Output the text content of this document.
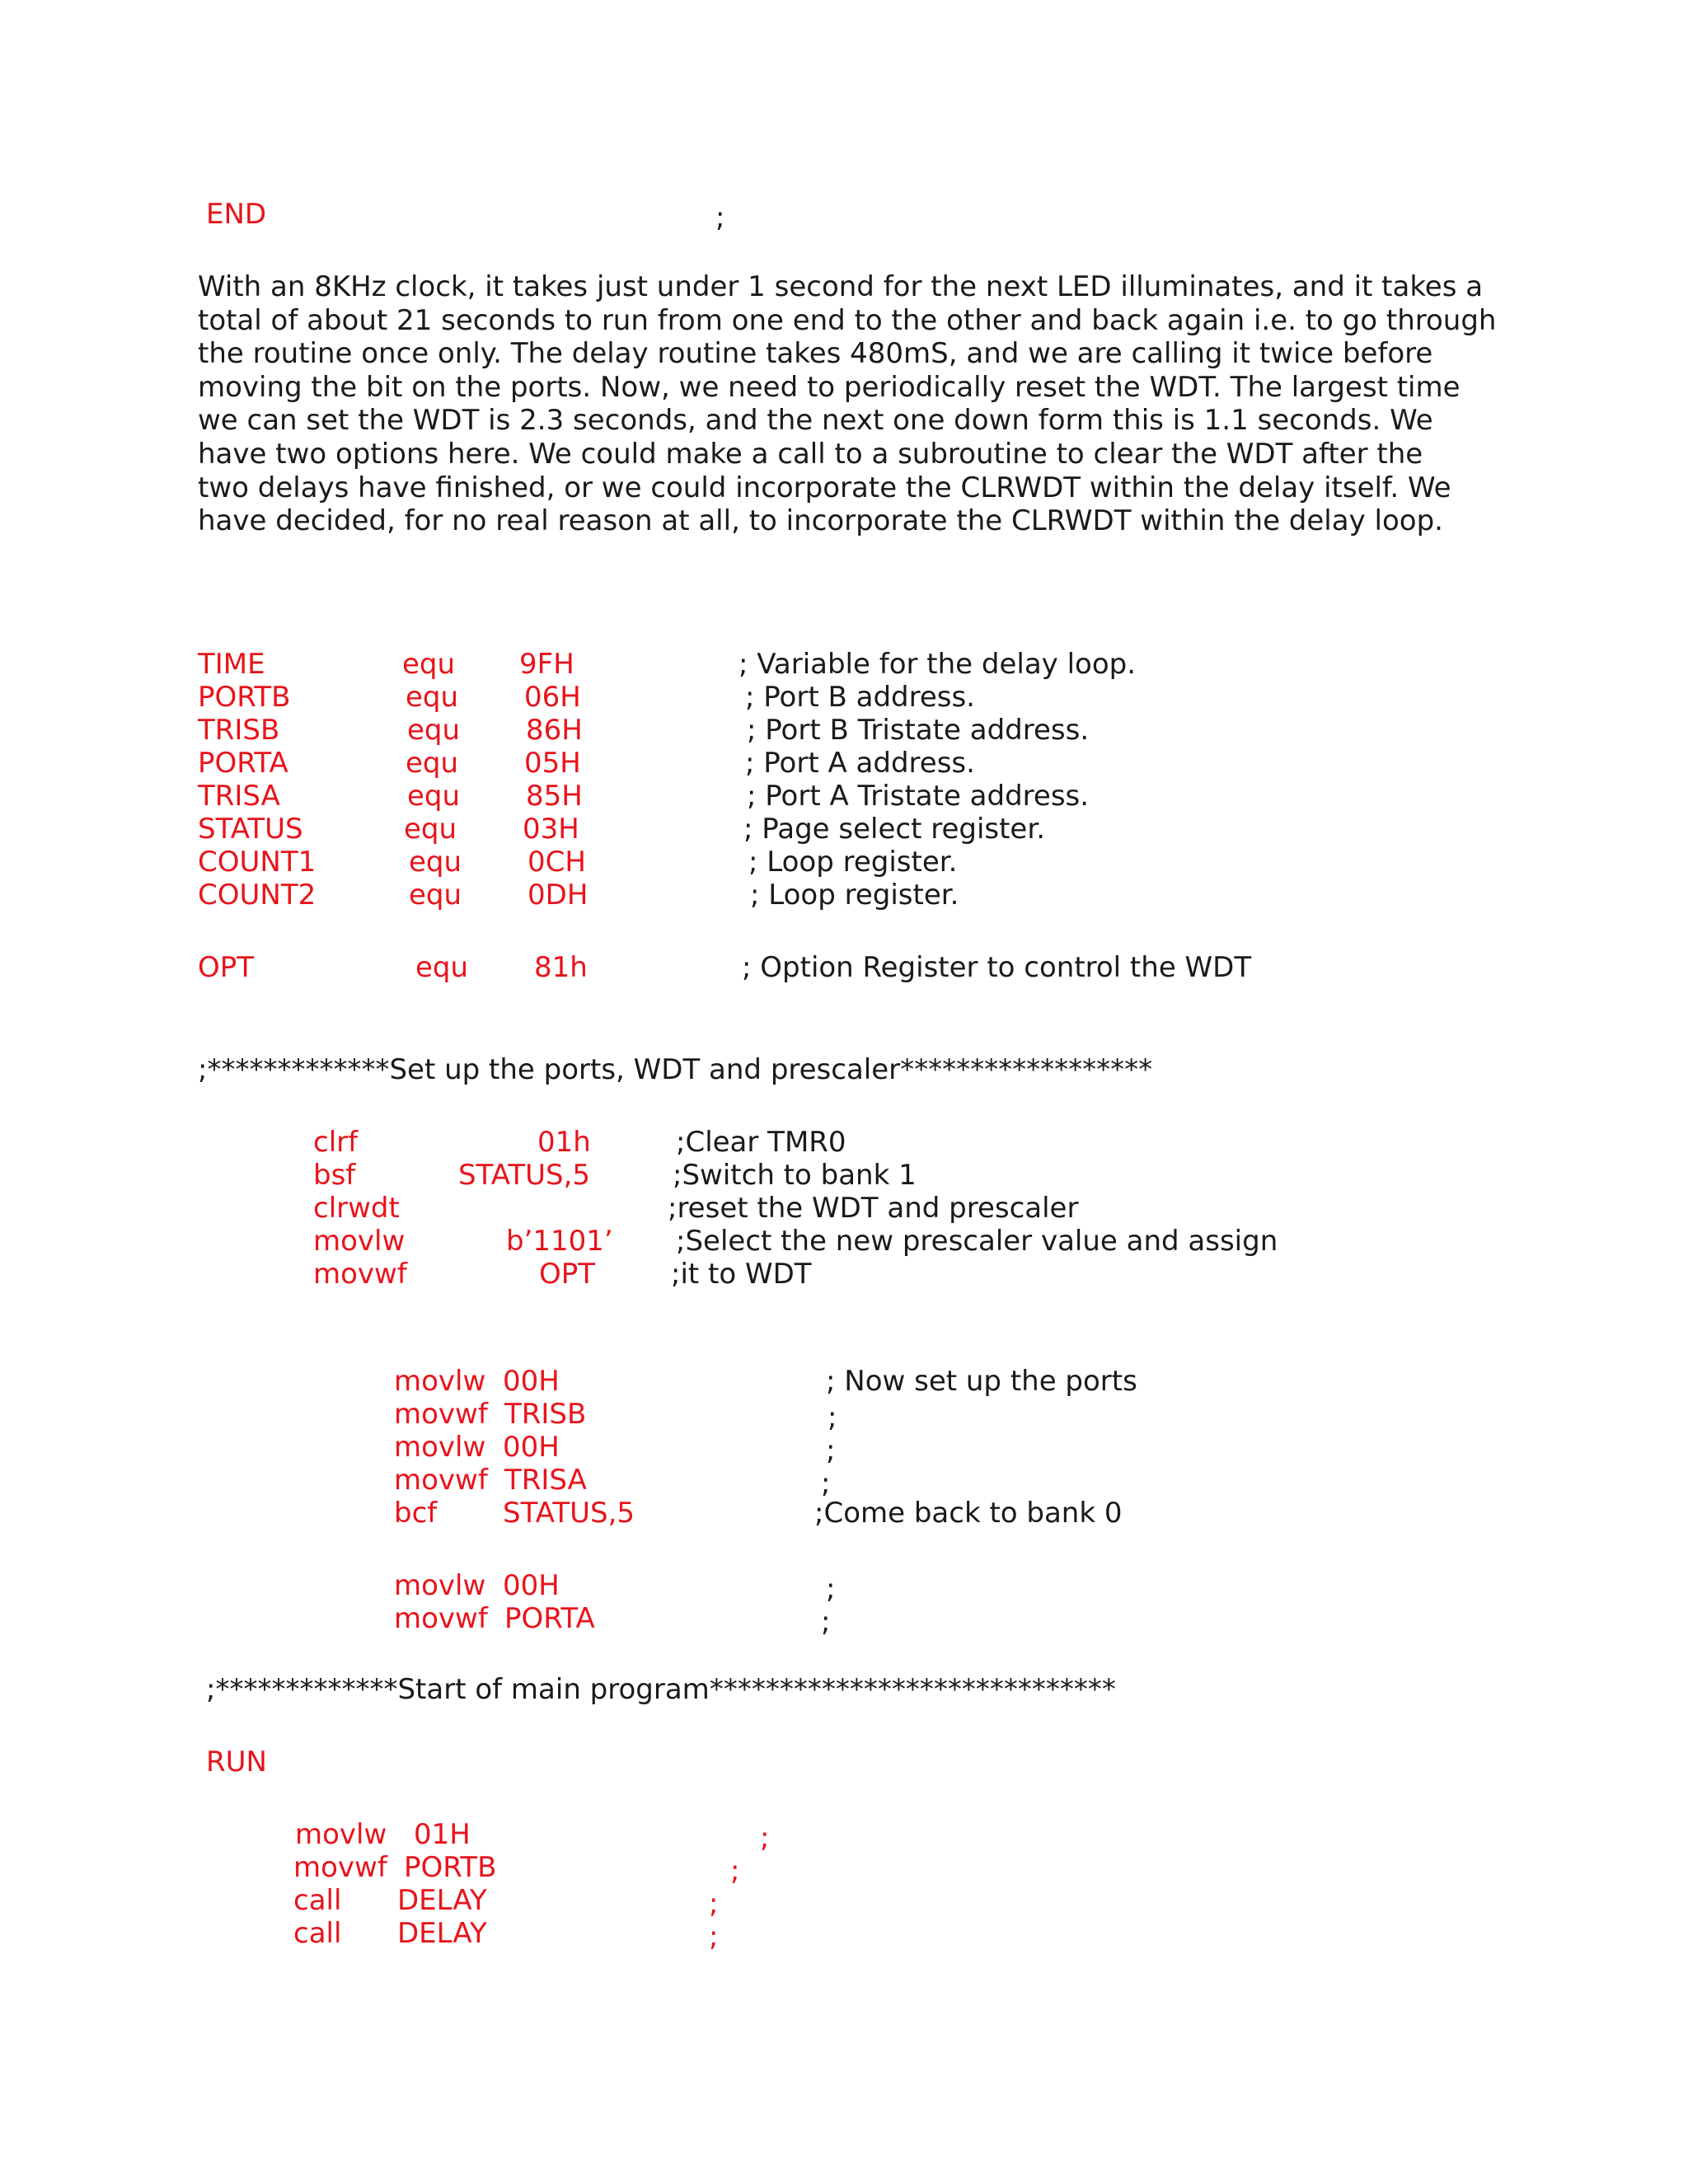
END	;

With an 8KHz clock, it takes just under 1 second for the next LED illuminates, and it takes a

total of about 21 seconds to run from one end to the other and back again i.e. to go through

the routine once only. The delay routine takes 480mS, and we are calling it twice before

moving the bit on the ports. Now, we need to periodically reset the WDT. The largest time

we can set the WDT is 2.3 seconds, and the next one down form this is 1.1 seconds. We

have two options here. We could make a call to a subroutine to clear the WDT after the

two delays have finished, or we could incorporate the CLRWDT within the delay itself. We

have decided, for no real reason at all, to incorporate the CLRWDT within the delay loop.

TIME	equ 9FH	; Variable for the delay loop.
PORTB	equ 06H	; Port B address.
TRISB	equ 86H	; Port B Tristate address.
PORTA	equ 05H	; Port A address.
TRISA	equ 85H	; Port A Tristate address.
STATUS	equ 03H	; Page select register.
COUNT1	equ 0CH	; Loop register.
COUNT2	equ 0DH	; Loop register.
OPT	equ 81h	; Option Register to control the WDT
;*************Set up the ports, WDT and prescaler******************
clrf	01h	;Clear TMR0
bsf	STATUS,5	;Switch to bank 1
clrwdt	;reset the WDT and prescaler
movlw	b’1101’ ;Select the new prescaler value and assign
movwf	OPT	;it to WDT
movlw 00H	; Now set up the ports
movwf TRISB	;
movlw 00H	;
movwf TRISA	;
bcf STATUS,5	;Come back to bank 0
movlw 00H	;
movwf PORTA	;
;*************Start of main program*****************************
RUN
movlw 01H	;
movwf PORTB	;
call DELAY	;
call DELAY	;
